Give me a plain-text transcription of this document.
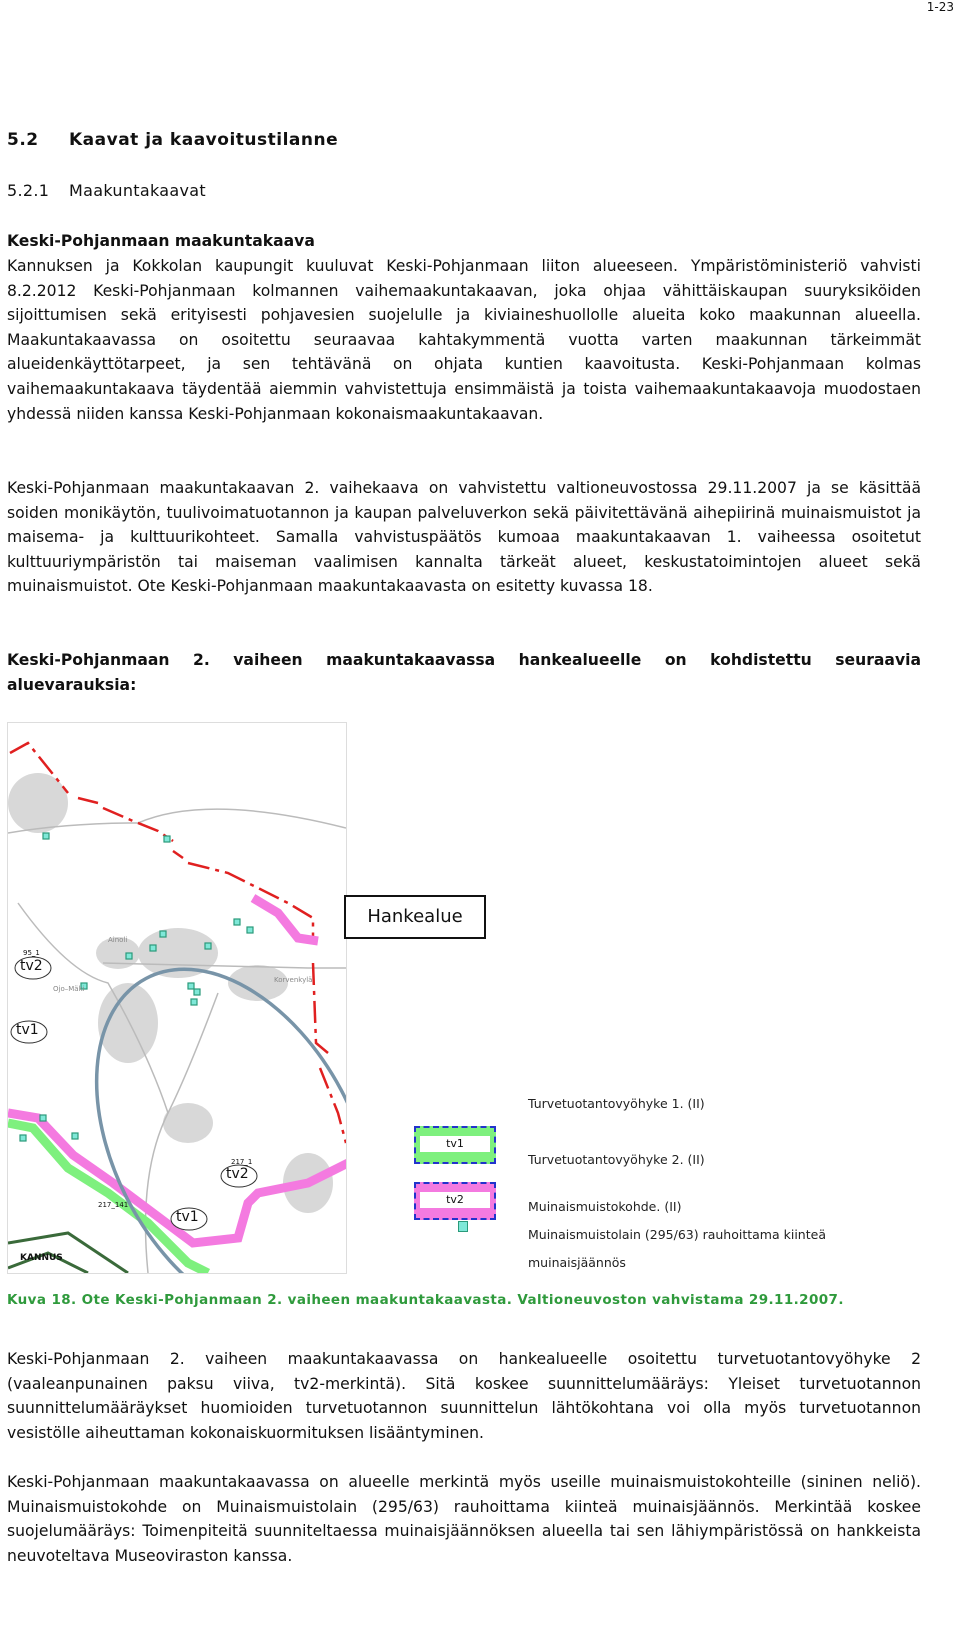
1-23
5.2 Kaavat ja kaavoitustilanne
5.2.1 Maakuntakaavat
Keski-Pohjanmaan maakuntakaava
Kannuksen ja Kokkolan kaupungit kuuluvat Keski-Pohjanmaan liiton alueeseen. Ympäristöministeriö vahvisti 8.2.2012 Keski-Pohjanmaan kolmannen vaihemaakuntakaavan, joka ohjaa vähittäiskaupan suuryksiköiden sijoittumisen sekä erityisesti pohjavesien suojelulle ja kiviaineshuollolle alueita koko maakunnan alueella. Maakuntakaavassa on osoitettu seuraavaa kahtakymmentä vuotta varten maakunnan tärkeimmät alueidenkäyttötarpeet, ja sen tehtävänä on ohjata kuntien kaavoitusta. Keski-Pohjanmaan kolmas vaihemaakuntakaava täydentää aiemmin vahvistettuja ensimmäistä ja toista vaihemaakuntakaavoja muodostaen yhdessä niiden kanssa Keski-Pohjanmaan kokonaismaakuntakaavan.
Keski-Pohjanmaan maakuntakaavan 2. vaihekaava on vahvistettu valtioneuvostossa 29.11.2007 ja se käsittää soiden monikäytön, tuulivoimatuotannon ja kaupan palveluverkon sekä päivitettävänä aihepiirinä muinaismuistot ja maisema- ja kulttuurikohteet. Samalla vahvistuspäätös kumoaa maakuntakaavan 1. vaiheessa osoitetut kulttuuriympäristön tai maiseman vaalimisen kannalta tärkeät alueet, keskustatoimintojen alueet sekä muinaismuistot. Ote Keski-Pohjanmaan maakuntakaavasta on esitetty kuvassa 18.
Keski-Pohjanmaan 2. vaiheen maakuntakaavassa hankealueelle on kohdistettu seuraavia aluevarauksia:
tv2
tv1
tv2
tv1
KANNUS
Ainoli
Korvenkylä
Ojo–Mäki
95_1
217_1
217_141
Hankealue
tv1
Turvetuotantovyöhyke 1. (II)
tv2
Turvetuotantovyöhyke 2. (II)
Muinaismuistokohde. (II)
Muinaismuistolain (295/63) rauhoittama kiinteä
muinaisjäännös
Kuva 18. Ote Keski-Pohjanmaan 2. vaiheen maakuntakaavasta. Valtioneuvoston vahvistama 29.11.2007.
Keski-Pohjanmaan 2. vaiheen maakuntakaavassa on hankealueelle osoitettu turvetuotantovyöhyke 2 (vaaleanpunainen paksu viiva, tv2-merkintä). Sitä koskee suunnittelumääräys: Yleiset turvetuotannon suunnittelumääräykset huomioiden turvetuotannon suunnittelun lähtökohtana voi olla myös turvetuotannon vesistölle aiheuttaman kokonaiskuormituksen lisääntyminen.
Keski-Pohjanmaan maakuntakaavassa on alueelle merkintä myös useille muinaismuistokohteille (sininen neliö). Muinaismuistokohde on Muinaismuistolain (295/63) rauhoittama kiinteä muinaisjäännös. Merkintää koskee suojelumääräys: Toimenpiteitä suunniteltaessa muinaisjäännöksen alueella tai sen lähiympäristössä on hankkeista neuvoteltava Museoviraston kanssa.
